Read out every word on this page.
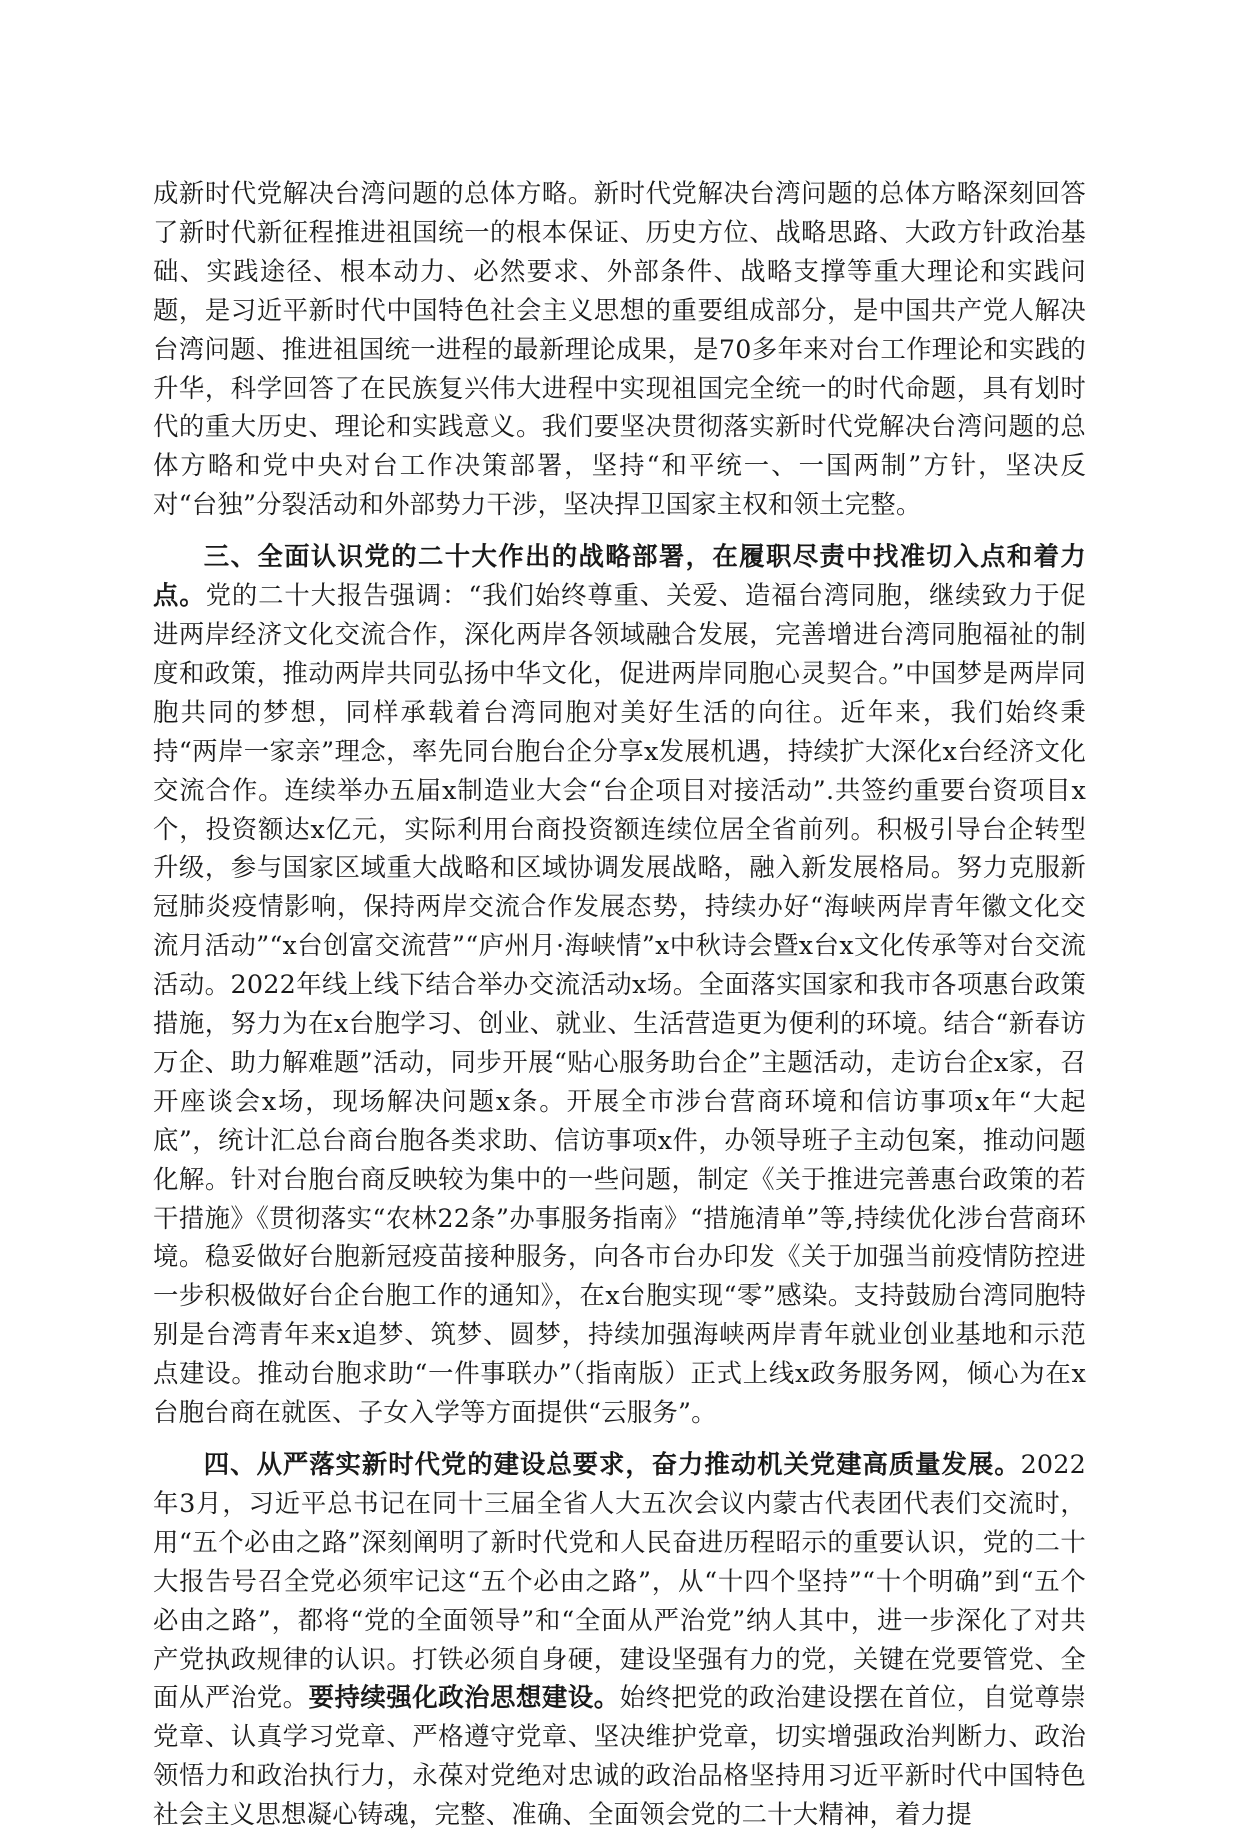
成新时代党解决台湾问题的总体方略。新时代党解决台湾问题的总体方略深刻回答了新时代新征程推进祖国统一的根本保证、历史方位、战略思路、大政方针政治基础、实践途径、根本动力、必然要求、外部条件、战略支撑等重大理论和实践问题，是习近平新时代中国特色社会主义思想的重要组成部分，是中国共产党人解决台湾问题、推进祖国统一进程的最新理论成果，是70多年来对台工作理论和实践的升华，科学回答了在民族复兴伟大进程中实现祖国完全统一的时代命题，具有划时代的重大历史、理论和实践意义。我们要坚决贯彻落实新时代党解决台湾问题的总体方略和党中央对台工作决策部署，坚持“和平统一、一国两制”方针，坚决反对“台独”分裂活动和外部势力干涉，坚决捍卫国家主权和领土完整。

三、全面认识党的二十大作出的战略部署，在履职尽责中找准切入点和着力点。党的二十大报告强调：“我们始终尊重、关爱、造福台湾同胞，继续致力于促进两岸经济文化交流合作，深化两岸各领域融合发展，完善增进台湾同胞福祉的制度和政策，推动两岸共同弘扬中华文化，促进两岸同胞心灵契合。”中国梦是两岸同胞共同的梦想，同样承载着台湾同胞对美好生活的向往。近年来，我们始终秉持“两岸一家亲”理念，率先同台胞台企分享x发展机遇，持续扩大深化x台经济文化交流合作。连续举办五届x制造业大会“台企项目对接活动”.共签约重要台资项目x个，投资额达x亿元，实际利用台商投资额连续位居全省前列。积极引导台企转型升级，参与国家区域重大战略和区域协调发展战略，融入新发展格局。努力克服新冠肺炎疫情影响，保持两岸交流合作发展态势，持续办好“海峡两岸青年徽文化交流月活动”“x台创富交流营”“庐州月·海峡情”x中秋诗会暨x台x文化传承等对台交流活动。2022年线上线下结合举办交流活动x场。全面落实国家和我市各项惠台政策措施，努力为在x台胞学习、创业、就业、生活营造更为便利的环境。结合“新春访万企、助力解难题”活动，同步开展“贴心服务助台企”主题活动，走访台企x家，召开座谈会x场，现场解决问题x条。开展全市涉台营商环境和信访事项x年“大起底”，统计汇总台商台胞各类求助、信访事项x件，办领导班子主动包案，推动问题化解。针对台胞台商反映较为集中的一些问题，制定《关于推进完善惠台政策的若干措施》《贯彻落实“农林22条”办事服务指南》“措施清单”等,持续优化涉台营商环境。稳妥做好台胞新冠疫苗接种服务，向各市台办印发《关于加强当前疫情防控进一步积极做好台企台胞工作的通知》，在x台胞实现“零”感染。支持鼓励台湾同胞特别是台湾青年来x追梦、筑梦、圆梦，持续加强海峡两岸青年就业创业基地和示范点建设。推动台胞求助“一件事联办”（指南版）正式上线x政务服务网，倾心为在x台胞台商在就医、子女入学等方面提供“云服务”。

四、从严落实新时代党的建设总要求，奋力推动机关党建高质量发展。2022年3月，习近平总书记在同十三届全省人大五次会议内蒙古代表团代表们交流时，用“五个必由之路”深刻阐明了新时代党和人民奋进历程昭示的重要认识，党的二十大报告号召全党必须牢记这“五个必由之路”，从“十四个坚持”“十个明确”到“五个必由之路”，都将“党的全面领导”和“全面从严治党”纳人其中，进一步深化了对共产党执政规律的认识。打铁必须自身硬，建设坚强有力的党，关键在党要管党、全面从严治党。要持续强化政治思想建设。始终把党的政治建设摆在首位，自觉尊崇党章、认真学习党章、严格遵守党章、坚决维护党章，切实增强政治判断力、政治领悟力和政治执行力，永葆对党绝对忠诚的政治品格坚持用习近平新时代中国特色社会主义思想凝心铸魂，完整、准确、全面领会党的二十大精神，着力提
